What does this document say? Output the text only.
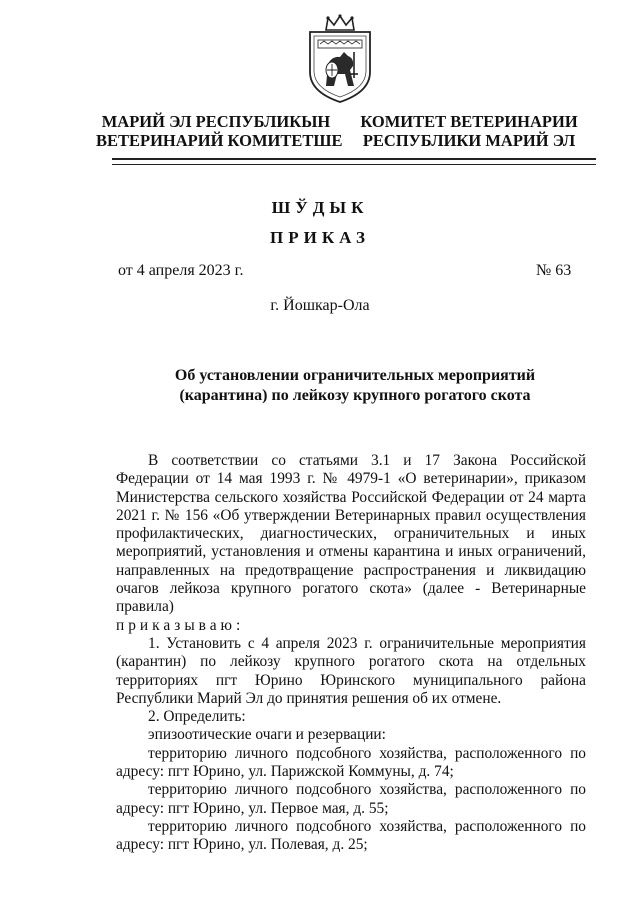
МАРИЙ ЭЛ РЕСПУБЛИКЫН
ВЕТЕРИНАРИЙ КОМИТЕТШЕ
КОМИТЕТ ВЕТЕРИНАРИИ
РЕСПУБЛИКИ МАРИЙ ЭЛ
ШЎДЫК
ПРИКАЗ
от 4 апреля 2023 г.	№ 63
г. Йошкар-Ола
Об установлении ограничительных мероприятий
(карантина) по лейкозу крупного рогатого скота

В соответствии со статьями 3.1 и 17 Закона Российской Федерации от 14 мая 1993 г. № 4979-1 «О ветеринарии», приказом Министерства сельского хозяйства Российской Федерации от 24 марта 2021 г. № 156 «Об утверждении Ветеринарных правил осуществления профилактических, диагностических, ограничительных и иных мероприятий, установления и отмены карантина и иных ограничений, направленных на предотвращение распространения и ликвидацию очагов лейкоза крупного рогатого скота» (далее - Ветеринарные правила)

приказываю:

1. Установить с 4 апреля 2023 г. ограничительные мероприятия (карантин) по лейкозу крупного рогатого скота на отдельных территориях пгт Юрино Юринского муниципального района Республики Марий Эл до принятия решения об их отмене.

2. Определить:

эпизоотические очаги и резервации:

территорию личного подсобного хозяйства, расположенного по адресу: пгт Юрино, ул. Парижской Коммуны, д. 74;

территорию личного подсобного хозяйства, расположенного по адресу: пгт Юрино, ул. Первое мая, д. 55;

территорию личного подсобного хозяйства, расположенного по адресу: пгт Юрино, ул. Полевая, д. 25;
